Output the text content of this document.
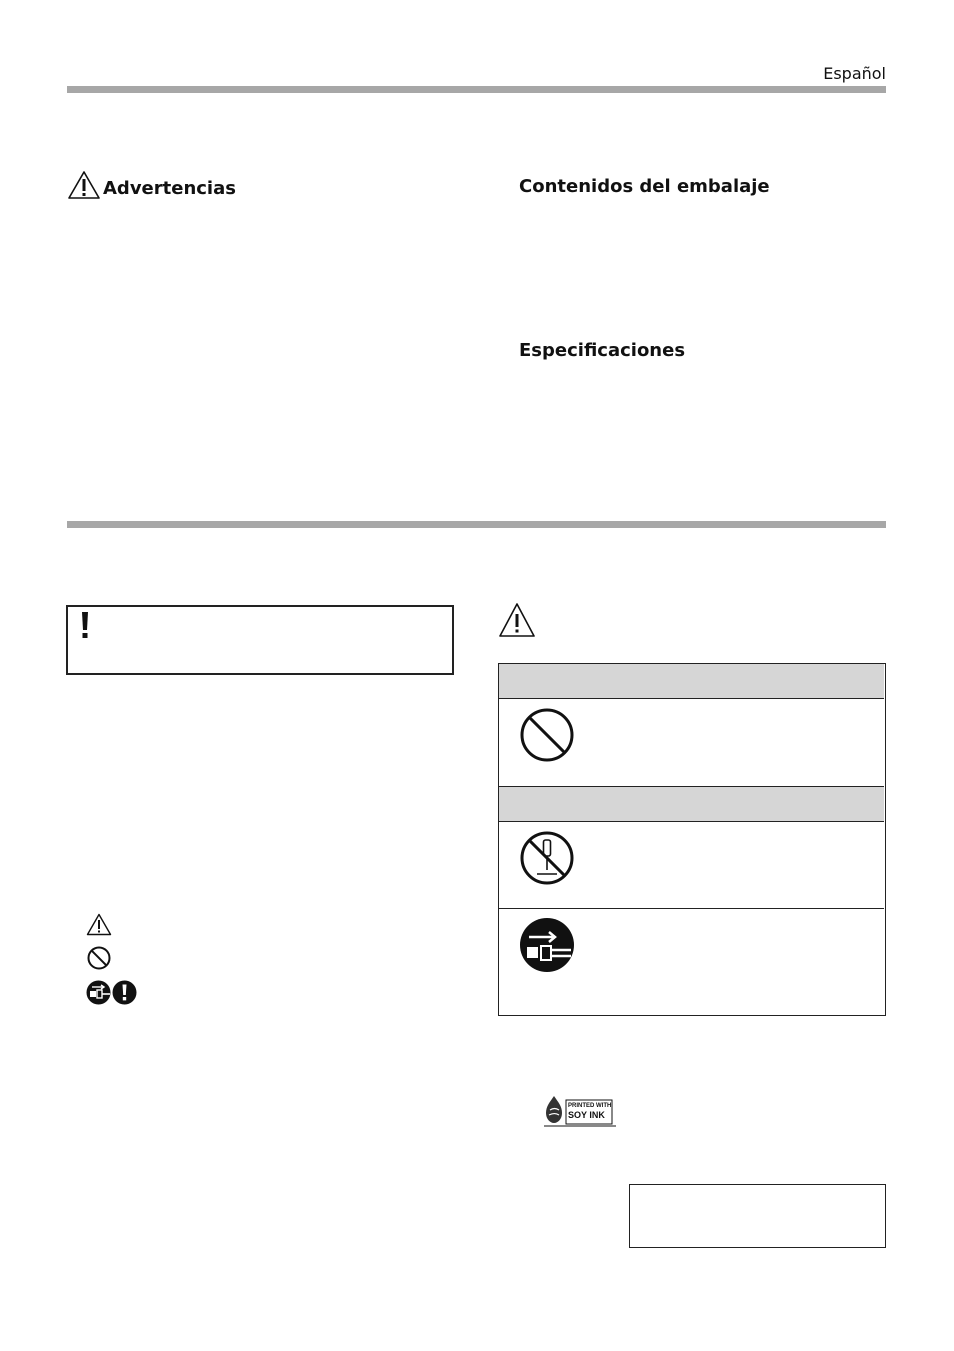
Español
Advertencias	Contenidos del embalaje
Especificaciones
PRINTED WITH
SOY INK
